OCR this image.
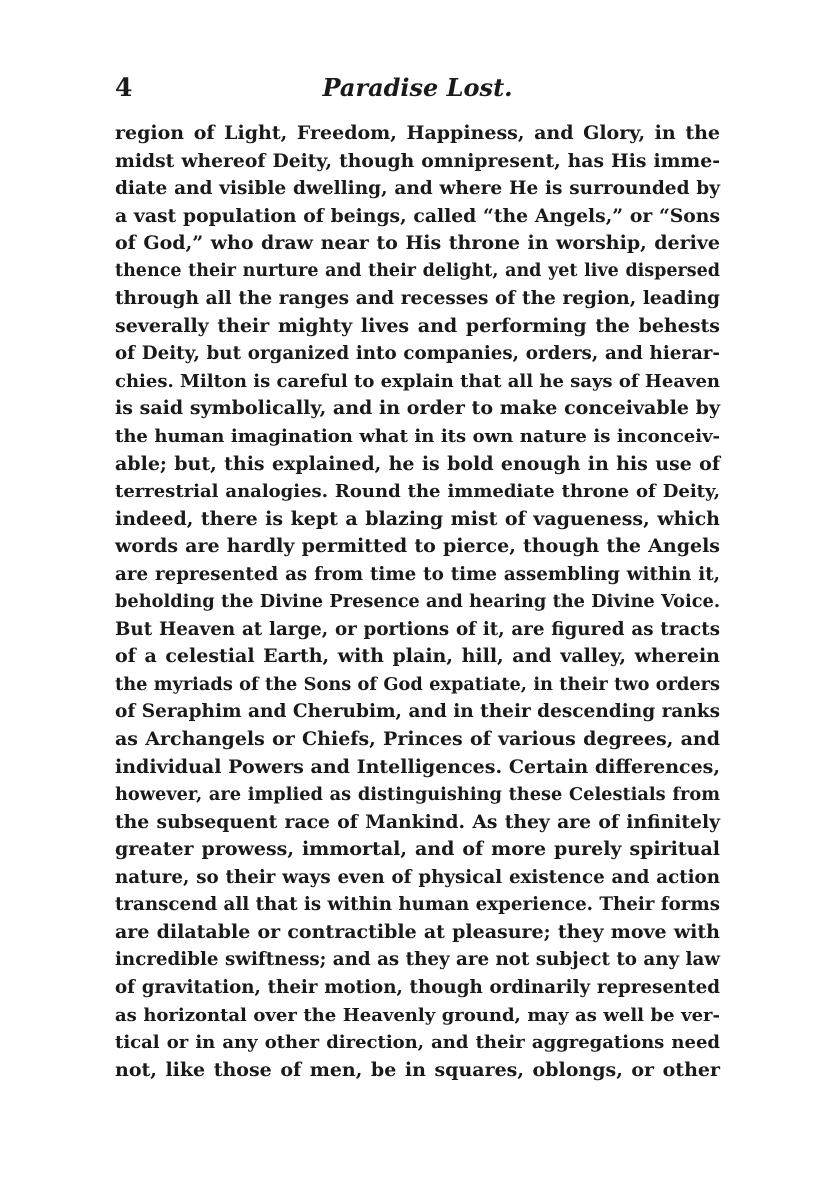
4	Paradise Lost.
region of Light, Freedom, Happiness, and Glory, in the
midst whereof Deity, though omnipresent, has His imme-
diate and visible dwelling, and where He is surrounded by
a vast population of beings, called “the Angels,” or “Sons
of God,” who draw near to His throne in worship, derive
thence their nurture and their delight, and yet live dispersed
through all the ranges and recesses of the region, leading
severally their mighty lives and performing the behests
of Deity, but organized into companies, orders, and hierar-
chies. Milton is careful to explain that all he says of Heaven
is said symbolically, and in order to make conceivable by
the human imagination what in its own nature is inconceiv-
able; but, this explained, he is bold enough in his use of
terrestrial analogies. Round the immediate throne of Deity,
indeed, there is kept a blazing mist of vagueness, which
words are hardly permitted to pierce, though the Angels
are represented as from time to time assembling within it,
beholding the Divine Presence and hearing the Divine Voice.
But Heaven at large, or portions of it, are figured as tracts
of a celestial Earth, with plain, hill, and valley, wherein
the myriads of the Sons of God expatiate, in their two orders
of Seraphim and Cherubim, and in their descending ranks
as Archangels or Chiefs, Princes of various degrees, and
individual Powers and Intelligences. Certain differences,
however, are implied as distinguishing these Celestials from
the subsequent race of Mankind. As they are of infinitely
greater prowess, immortal, and of more purely spiritual
nature, so their ways even of physical existence and action
transcend all that is within human experience. Their forms
are dilatable or contractible at pleasure; they move with
incredible swiftness; and as they are not subject to any law
of gravitation, their motion, though ordinarily represented
as horizontal over the Heavenly ground, may as well be ver-
tical or in any other direction, and their aggregations need
not, like those of men, be in squares, oblongs, or other
